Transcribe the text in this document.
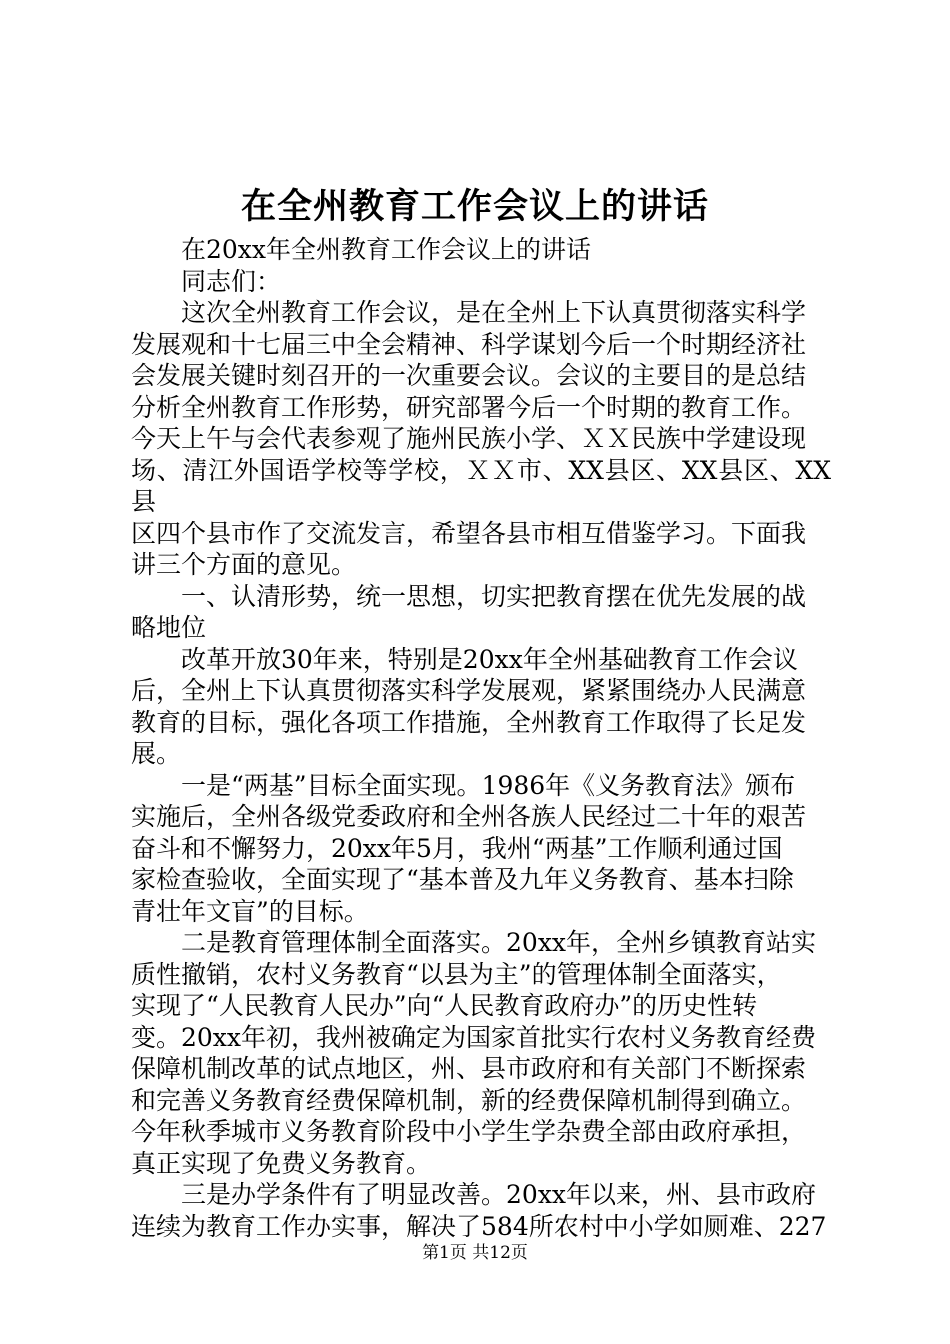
在全州教育工作会议上的讲话

在20xx年全州教育工作会议上的讲话

同志们：

这次全州教育工作会议，是在全州上下认真贯彻落实科学
发展观和十七届三中全会精神、科学谋划今后一个时期经济社
会发展关键时刻召开的一次重要会议。会议的主要目的是总结
分析全州教育工作形势，研究部署今后一个时期的教育工作。
今天上午与会代表参观了施州民族小学、ＸＸ民族中学建设现
场、清江外国语学校等学校，ＸＸ市、XX县区、XX县区、XX县
区四个县市作了交流发言，希望各县市相互借鉴学习。下面我
讲三个方面的意见。

一、认清形势，统一思想，切实把教育摆在优先发展的战
略地位

改革开放30年来，特别是20xx年全州基础教育工作会议
后，全州上下认真贯彻落实科学发展观，紧紧围绕办人民满意
教育的目标，强化各项工作措施，全州教育工作取得了长足发
展。

一是“两基”目标全面实现。1986年《义务教育法》颁布
实施后，全州各级党委政府和全州各族人民经过二十年的艰苦
奋斗和不懈努力，20xx年5月，我州“两基”工作顺利通过国
家检查验收，全面实现了“基本普及九年义务教育、基本扫除
青壮年文盲”的目标。

二是教育管理体制全面落实。20xx年，全州乡镇教育站实
质性撤销，农村义务教育“以县为主”的管理体制全面落实，
实现了“人民教育人民办”向“人民教育政府办”的历史性转
变。20xx年初，我州被确定为国家首批实行农村义务教育经费
保障机制改革的试点地区，州、县市政府和有关部门不断探索
和完善义务教育经费保障机制，新的经费保障机制得到确立。
今年秋季城市义务教育阶段中小学生学杂费全部由政府承担，
真正实现了免费义务教育。

三是办学条件有了明显改善。20xx年以来，州、县市政府
连续为教育工作办实事，解决了584所农村中小学如厕难、227

第1页 共12页
